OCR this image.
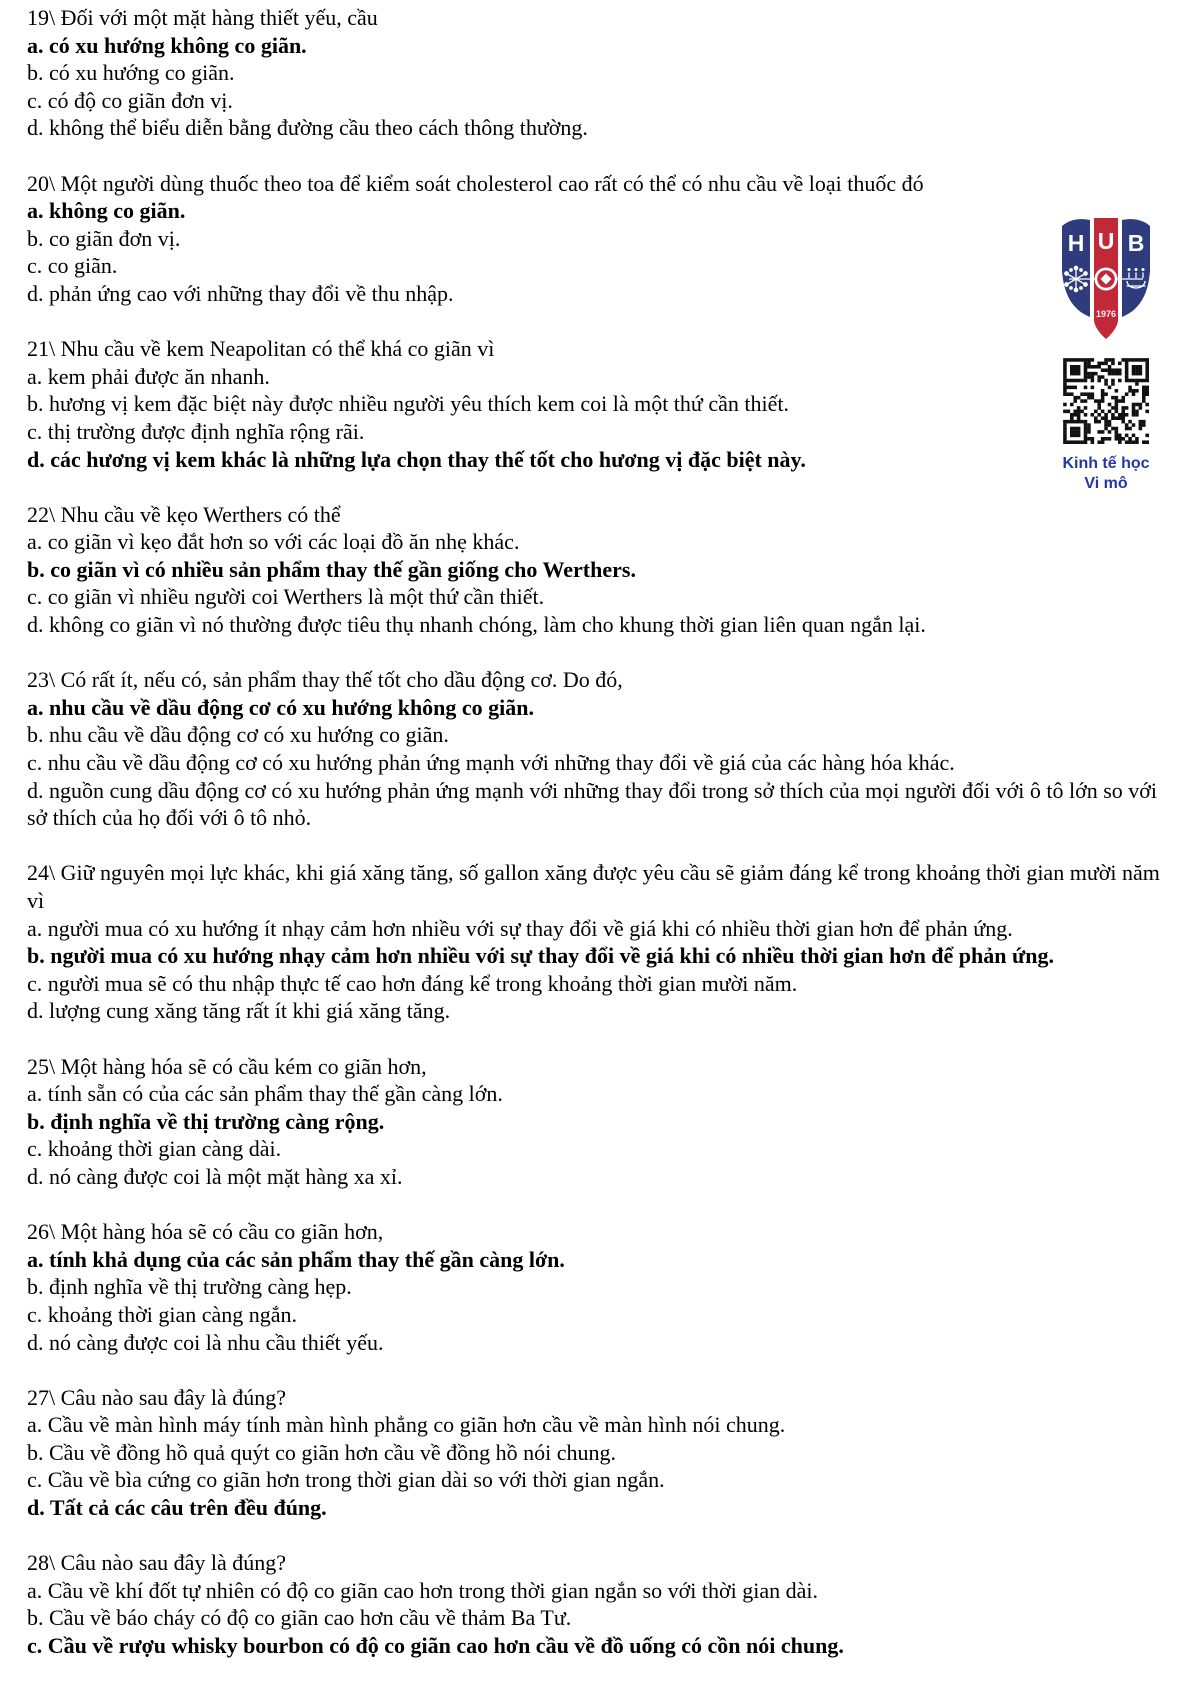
19\ Đối với một mặt hàng thiết yếu, cầu
a. có xu hướng không co giãn.
b. có xu hướng co giãn.
c. có độ co giãn đơn vị.
d. không thể biểu diễn bằng đường cầu theo cách thông thường.
20\ Một người dùng thuốc theo toa để kiểm soát cholesterol cao rất có thể có nhu cầu về loại thuốc đó
a. không co giãn.
b. co giãn đơn vị.
c. co giãn.
d. phản ứng cao với những thay đổi về thu nhập.
21\ Nhu cầu về kem Neapolitan có thể khá co giãn vì
a. kem phải được ăn nhanh.
b. hương vị kem đặc biệt này được nhiều người yêu thích kem coi là một thứ cần thiết.
c. thị trường được định nghĩa rộng rãi.
d. các hương vị kem khác là những lựa chọn thay thế tốt cho hương vị đặc biệt này.
22\ Nhu cầu về kẹo Werthers có thể
a. co giãn vì kẹo đắt hơn so với các loại đồ ăn nhẹ khác.
b. co giãn vì có nhiều sản phẩm thay thế gần giống cho Werthers.
c. co giãn vì nhiều người coi Werthers là một thứ cần thiết.
d. không co giãn vì nó thường được tiêu thụ nhanh chóng, làm cho khung thời gian liên quan ngắn lại.
23\ Có rất ít, nếu có, sản phẩm thay thế tốt cho dầu động cơ. Do đó,
a. nhu cầu về dầu động cơ có xu hướng không co giãn.
b. nhu cầu về dầu động cơ có xu hướng co giãn.
c. nhu cầu về dầu động cơ có xu hướng phản ứng mạnh với những thay đổi về giá của các hàng hóa khác.
d. nguồn cung dầu động cơ có xu hướng phản ứng mạnh với những thay đổi trong sở thích của mọi người đối với ô tô lớn so với sở thích của họ đối với ô tô nhỏ.
24\ Giữ nguyên mọi lực khác, khi giá xăng tăng, số gallon xăng được yêu cầu sẽ giảm đáng kể trong khoảng thời gian mười năm vì
a. người mua có xu hướng ít nhạy cảm hơn nhiều với sự thay đổi về giá khi có nhiều thời gian hơn để phản ứng.
b. người mua có xu hướng nhạy cảm hơn nhiều với sự thay đổi về giá khi có nhiều thời gian hơn để phản ứng.
c. người mua sẽ có thu nhập thực tế cao hơn đáng kể trong khoảng thời gian mười năm.
d. lượng cung xăng tăng rất ít khi giá xăng tăng.
25\ Một hàng hóa sẽ có cầu kém co giãn hơn,
a. tính sẵn có của các sản phẩm thay thế gần càng lớn.
b. định nghĩa về thị trường càng rộng.
c. khoảng thời gian càng dài.
d. nó càng được coi là một mặt hàng xa xỉ.
26\ Một hàng hóa sẽ có cầu co giãn hơn,
a. tính khả dụng của các sản phẩm thay thế gần càng lớn.
b. định nghĩa về thị trường càng hẹp.
c. khoảng thời gian càng ngắn.
d. nó càng được coi là nhu cầu thiết yếu.
27\ Câu nào sau đây là đúng?
a. Cầu về màn hình máy tính màn hình phẳng co giãn hơn cầu về màn hình nói chung.
b. Cầu về đồng hồ quả quýt co giãn hơn cầu về đồng hồ nói chung.
c. Cầu về bìa cứng co giãn hơn trong thời gian dài so với thời gian ngắn.
d. Tất cả các câu trên đều đúng.
28\ Câu nào sau đây là đúng?
a. Cầu về khí đốt tự nhiên có độ co giãn cao hơn trong thời gian ngắn so với thời gian dài.
b. Cầu về báo cháy có độ co giãn cao hơn cầu về thảm Ba Tư.
c. Cầu về rượu whisky bourbon có độ co giãn cao hơn cầu về đồ uống có cồn nói chung.
H U B
1976
Kinh tế học
Vi mô
